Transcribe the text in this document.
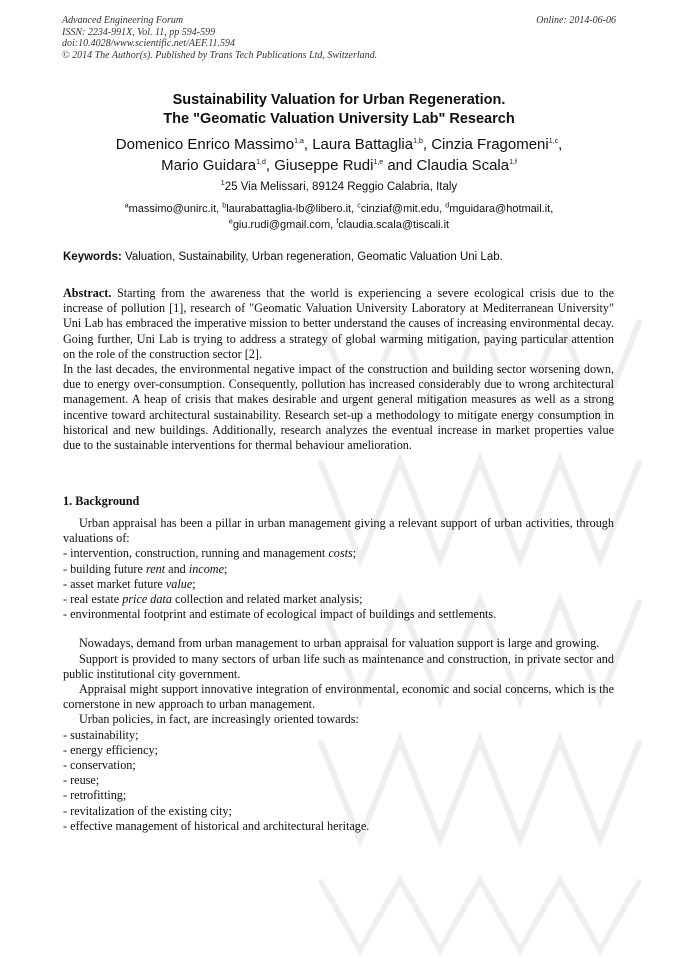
Advanced Engineering Forum
ISSN: 2234-991X, Vol. 11, pp 594-599
doi:10.4028/www.scientific.net/AEF.11.594
© 2014 The Author(s). Published by Trans Tech Publications Ltd, Switzerland.
Online: 2014-06-06
Sustainability Valuation for Urban Regeneration.
The "Geomatic Valuation University Lab" Research
Domenico Enrico Massimo$^{1,a}$, Laura Battaglia$^{1,b}$, Cinzia Fragomeni$^{1,c}$,
Mario Guidara$^{1,d}$, Giuseppe Rudi$^{1,e}$ and Claudia Scala$^{1,f}$
$^1$25 Via Melissari, 89124 Reggio Calabria, Italy
$^a$massimo@unirc.it, $^b$laurabattaglia-lb@libero.it, $^c$cinziaf@mit.edu, $^d$mguidara@hotmail.it,
$^e$giu.rudi@gmail.com, $^f$claudia.scala@tiscali.it
Keywords: Valuation, Sustainability, Urban regeneration, Geomatic Valuation Uni Lab.

Abstract. Starting from the awareness that the world is experiencing a severe ecological crisis due to the increase of pollution [1], research of "Geomatic Valuation University Laboratory at Mediterranean University" Uni Lab has embraced the imperative mission to better understand the causes of increasing environmental decay. Going further, Uni Lab is trying to address a strategy of global warming mitigation, paying particular attention on the role of the construction sector [2].

In the last decades, the environmental negative impact of the construction and building sector worsening down, due to energy over-consumption. Consequently, pollution has increased considerably due to wrong architectural management. A heap of crisis that makes desirable and urgent general mitigation measures as well as a strong incentive toward architectural sustainability. Research set-up a methodology to mitigate energy consumption in historical and new buildings. Additionally, research analyzes the eventual increase in market properties value due to the sustainable interventions for thermal behaviour amelioration.

1. Background

Urban appraisal has been a pillar in urban management giving a relevant support of urban activities, through valuations of:

- intervention, construction, running and management costs;

- building future rent and income;

- asset market future value;

- real estate price data collection and related market analysis;

- environmental footprint and estimate of ecological impact of buildings and settlements.

Nowadays, demand from urban management to urban appraisal for valuation support is large and growing.

Support is provided to many sectors of urban life such as maintenance and construction, in private sector and public institutional city government.

Appraisal might support innovative integration of environmental, economic and social concerns, which is the cornerstone in new approach to urban management.

Urban policies, in fact, are increasingly oriented towards:

- sustainability;

- energy efficiency;

- conservation;

- reuse;

- retrofitting;

- revitalization of the existing city;

- effective management of historical and architectural heritage.
